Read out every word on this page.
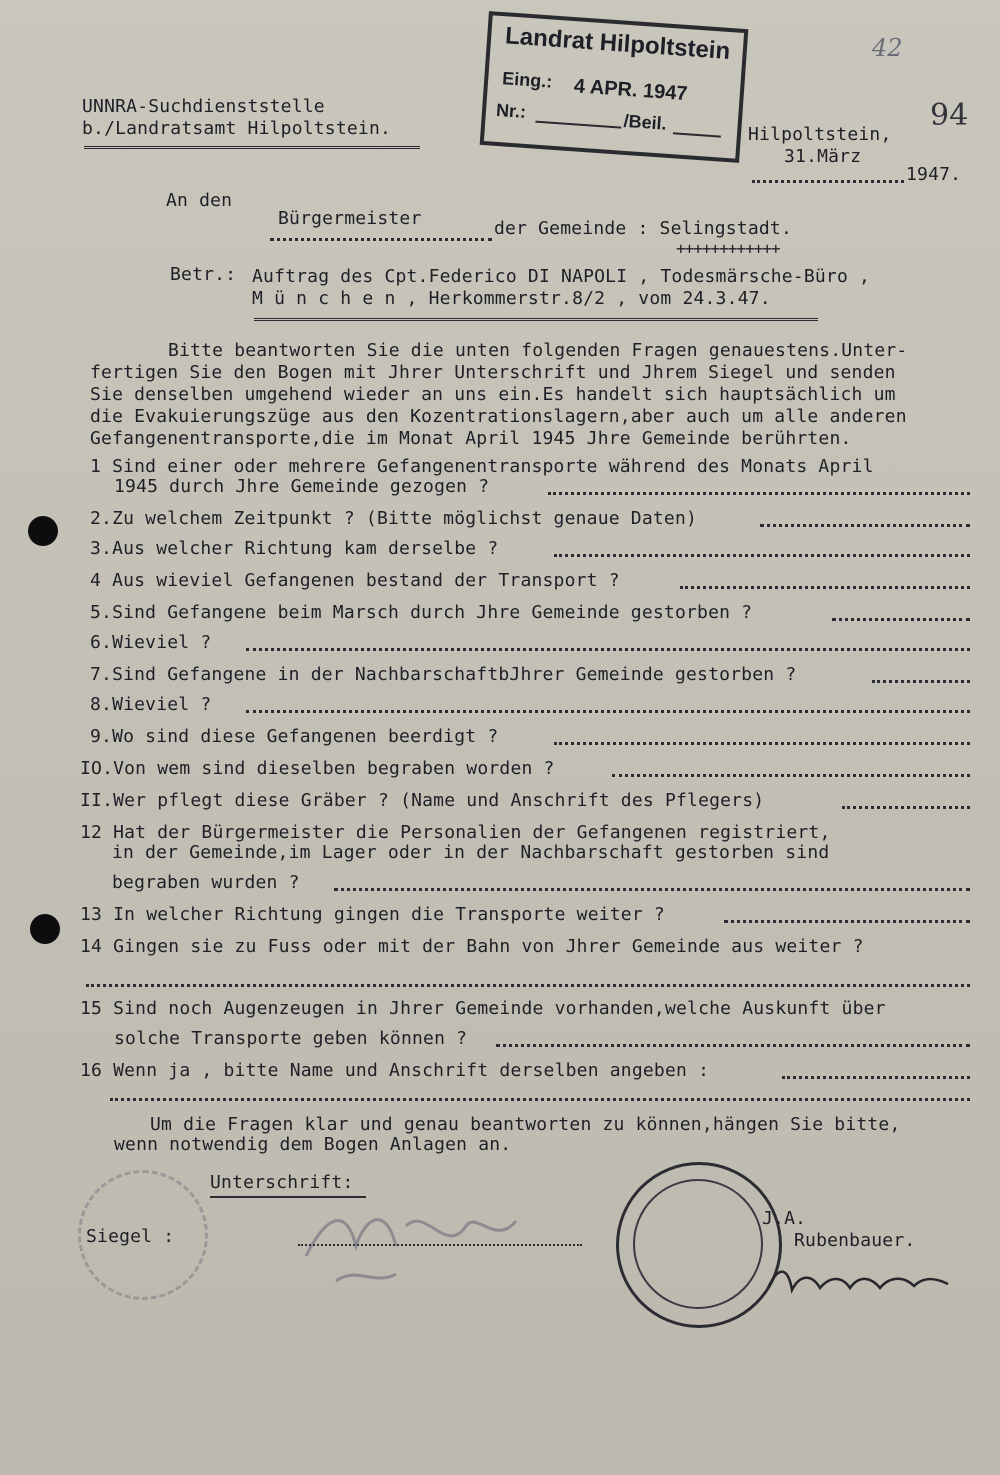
42
94
UNNRA-Suchdienststelle
b./Landratsamt Hilpoltstein.
Landrat Hilpoltstein
Eing.: 4 APR. 1947
Nr.:	/Beil.
Hilpoltstein,
31.März
1947.
An den
Bürgermeister	der Gemeinde : Selingstadt.
++++++++++++
Betr.: Auftrag des Cpt.Federico DI NAPOLI , Todesmärsche-Büro ,
M ü n c h e n , Herkommerstr.8/2 , vom 24.3.47.
Bitte beantworten Sie die unten folgenden Fragen genauestens.Unter-
fertigen Sie den Bogen mit Jhrer Unterschrift und Jhrem Siegel und senden
Sie denselben umgehend wieder an uns ein.Es handelt sich hauptsächlich um
die Evakuierungszüge aus den Kozentrationslagern,aber auch um alle anderen
Gefangenentransporte,die im Monat April 1945 Jhre Gemeinde berührten.
1 Sind einer oder mehrere Gefangenentransporte während des Monats April
1945 durch Jhre Gemeinde gezogen ?
2.Zu welchem Zeitpunkt ? (Bitte möglichst genaue Daten)
3.Aus welcher Richtung kam derselbe ?
4 Aus wieviel Gefangenen bestand der Transport ?
5.Sind Gefangene beim Marsch durch Jhre Gemeinde gestorben ?
6.Wieviel ?
7.Sind Gefangene in der NachbarschaftbJhrer Gemeinde gestorben ?
8.Wieviel ?
9.Wo sind diese Gefangenen beerdigt ?
IO.Von wem sind dieselben begraben worden ?
II.Wer pflegt diese Gräber ? (Name und Anschrift des Pflegers)
12 Hat der Bürgermeister die Personalien der Gefangenen registriert,
in der Gemeinde,im Lager oder in der Nachbarschaft gestorben sind
begraben wurden ?
13 In welcher Richtung gingen die Transporte weiter ?
14 Gingen sie zu Fuss oder mit der Bahn von Jhrer Gemeinde aus weiter ?
15 Sind noch Augenzeugen in Jhrer Gemeinde vorhanden,welche Auskunft über
solche Transporte geben können ?
16 Wenn ja , bitte Name und Anschrift derselben angeben :
Um die Fragen klar und genau beantworten zu können,hängen Sie bitte,
wenn notwendig dem Bogen Anlagen an.
Unterschrift:
Siegel :
J.A.
Rubenbauer.
